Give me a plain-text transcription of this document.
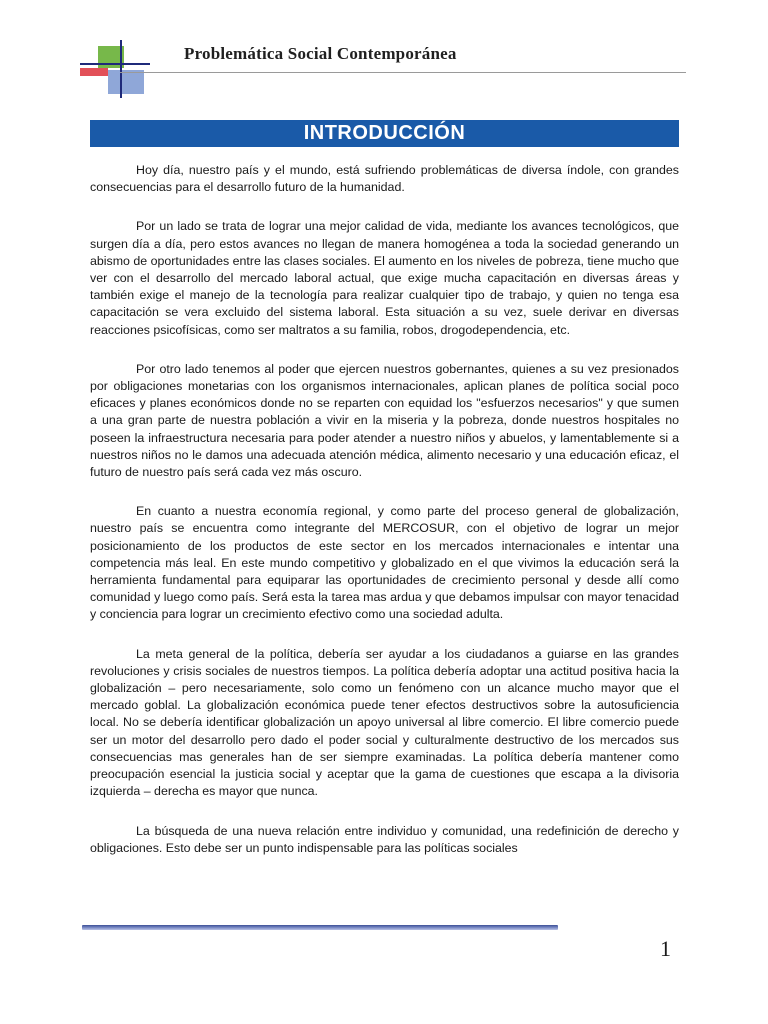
Problemática Social Contemporánea
INTRODUCCIÓN

Hoy día, nuestro país y el mundo, está sufriendo problemáticas de diversa índole, con grandes consecuencias para el desarrollo futuro de la humanidad.

Por un lado se trata de lograr una mejor calidad de vida, mediante los avances tecnológicos, que surgen día a día, pero estos avances no llegan de manera homogénea a toda la sociedad generando un abismo de oportunidades entre las clases sociales. El aumento en los niveles de pobreza, tiene mucho que ver con el desarrollo del mercado laboral actual, que exige mucha capacitación en diversas áreas y también exige el manejo de la tecnología para realizar cualquier tipo de trabajo, y quien no tenga esa capacitación se vera excluido del sistema laboral. Esta situación a su vez, suele derivar en diversas reacciones psicofísicas, como ser maltratos a su familia, robos, drogodependencia, etc.

Por otro lado tenemos al poder que ejercen nuestros gobernantes, quienes a su vez presionados por obligaciones monetarias con los organismos internacionales, aplican planes de política social poco eficaces y planes económicos donde no se reparten con equidad los "esfuerzos necesarios" y que sumen a una gran parte de nuestra población a vivir en la miseria y la pobreza, donde nuestros hospitales no poseen la infraestructura necesaria para poder atender a nuestro niños y abuelos, y lamentablemente si a nuestros niños no le damos una adecuada atención médica, alimento necesario y una educación eficaz, el futuro de nuestro país será cada vez más oscuro.

En cuanto a nuestra economía regional, y como parte del proceso general de globalización, nuestro país se encuentra como integrante del MERCOSUR, con el objetivo de lograr un mejor posicionamiento de los productos de este sector en los mercados internacionales e intentar una competencia más leal. En este mundo competitivo y globalizado en el que vivimos la educación será la herramienta fundamental para equiparar las oportunidades de crecimiento personal y desde allí como comunidad y luego como país. Será esta la tarea mas ardua y que debamos impulsar con mayor tenacidad y conciencia para lograr un crecimiento efectivo como una sociedad adulta.

La meta general de la política, debería ser ayudar a los ciudadanos a guiarse en las grandes revoluciones y crisis sociales de nuestros tiempos. La política debería adoptar una actitud positiva hacia la globalización – pero necesariamente, solo como un fenómeno con un alcance mucho mayor que el mercado goblal. La globalización económica puede tener efectos destructivos sobre la autosuficiencia local. No se debería identificar globalización un apoyo universal al libre comercio. El libre comercio puede ser un motor del desarrollo pero dado el poder social y culturalmente destructivo de los mercados sus consecuencias mas generales han de ser siempre examinadas. La política debería mantener como preocupación esencial la justicia social y aceptar que la gama de cuestiones que escapa a la divisoria izquierda – derecha es mayor que nunca.

La búsqueda de una nueva relación entre individuo y comunidad, una redefinición de derecho y obligaciones. Esto debe ser un punto indispensable para las políticas sociales

1
